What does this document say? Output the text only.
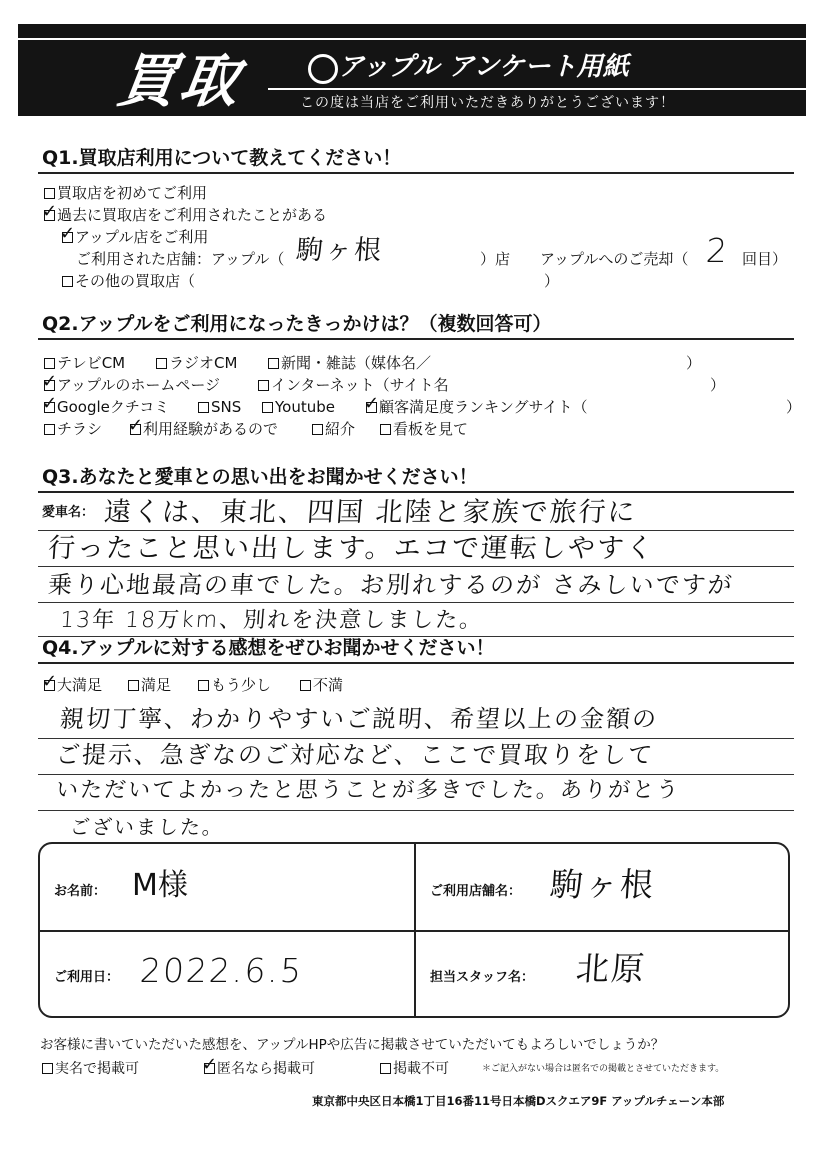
買取	アップル アンケート用紙
この度は当店をご利用いただきありがとうございます！
Q1.買取店利用について教えてください！
買取店を初めてご利用
✓ 過去に買取店をご利用されたことがある
✓ アップル店をご利用
ご利用された店舗：アップル（ 駒ヶ根	）店 アップルへのご売却（ 2 回目）
その他の買取店（	）
Q2.アップルをご利用になったきっかけは？（複数回答可）
テレビCM	ラジオCM	新聞・雑誌（媒体名／	）
✓ アップルのホームページ	インターネット（サイト名	）
✓ Googleクチコミ	SNS	Youtube ✓ 顧客満足度ランキングサイト（	）
チラシ ✓ 利用経験があるので	紹介	看板を見て
Q3.あなたと愛車との思い出をお聞かせください！
愛車名： 遠くは、東北、四国 北陸と家族で旅行に
行ったこと思い出します。エコで運転しやすく
乗り心地最高の車でした。お別れするのが さみしいですが
13年 18万km、別れを決意しました。
Q4.アップルに対する感想をぜひお聞かせください！
✓ 大満足	満足	もう少し	不満
親切丁寧、わかりやすいご説明、希望以上の金額の
ご提示、急ぎなのご対応など、ここで買取りをして
いただいてよかったと思うことが多きでした。ありがとう
ございました。
お名前： M様	ご利用店舗名： 駒ヶ根
ご利用日： 2022.6.5	担当スタッフ名： 北原
お客様に書いていただいた感想を、アップルHPや広告に掲載させていただいてもよろしいでしょうか？
実名で掲載可	✓ 匿名なら掲載可	掲載不可	＊ご記入がない場合は匿名での掲載とさせていただきます。
東京都中央区日本橋1丁目16番11号日本橋Dスクエア9F アップルチェーン本部
